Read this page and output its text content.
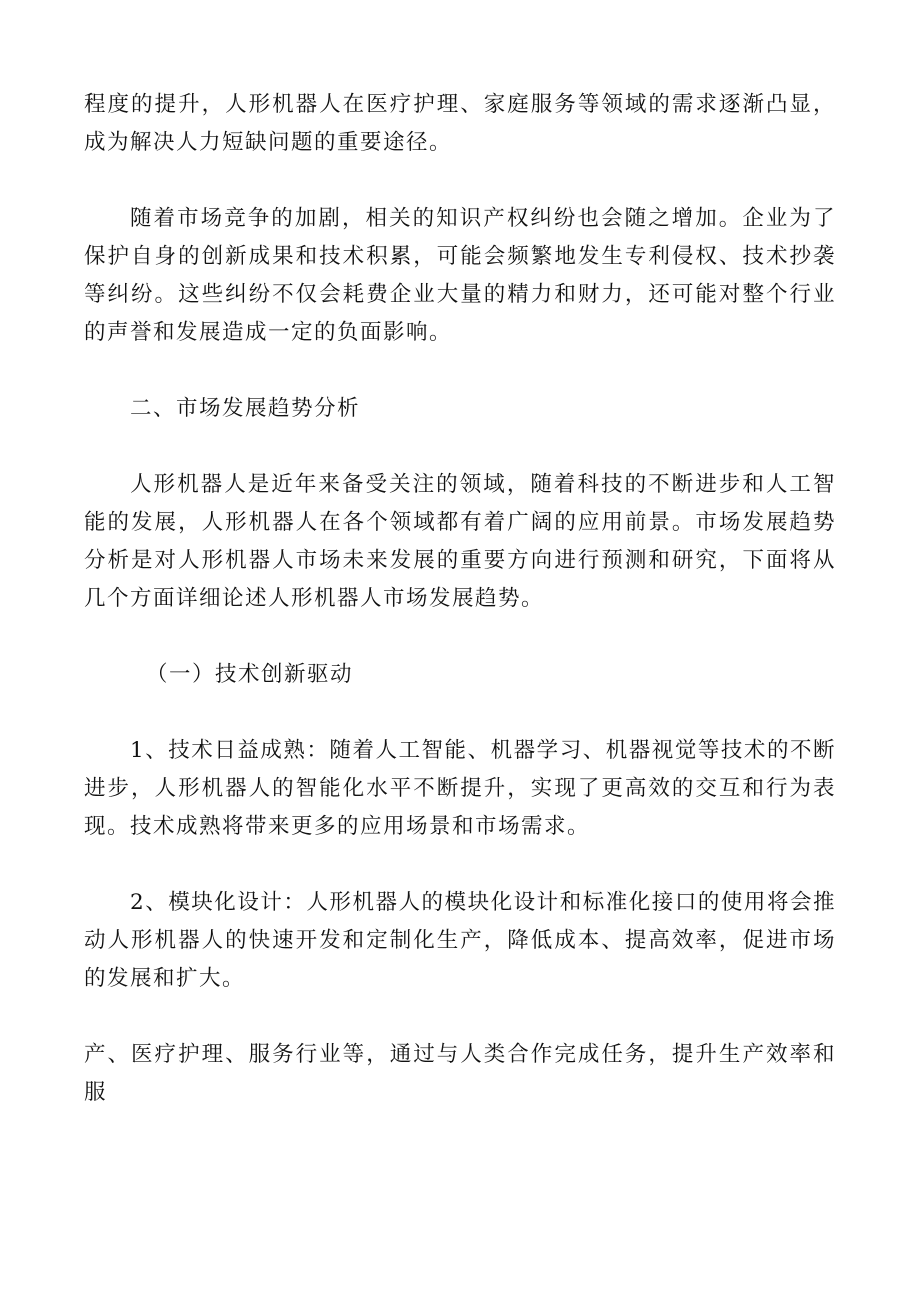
程度的提升，人形机器人在医疗护理、家庭服务等领域的需求逐渐凸显，成为解决人力短缺问题的重要途径。

随着市场竞争的加剧，相关的知识产权纠纷也会随之增加。企业为了保护自身的创新成果和技术积累，可能会频繁地发生专利侵权、技术抄袭等纠纷。这些纠纷不仅会耗费企业大量的精力和财力，还可能对整个行业的声誉和发展造成一定的负面影响。

二、市场发展趋势分析

人形机器人是近年来备受关注的领域，随着科技的不断进步和人工智能的发展，人形机器人在各个领域都有着广阔的应用前景。市场发展趋势分析是对人形机器人市场未来发展的重要方向进行预测和研究，下面将从几个方面详细论述人形机器人市场发展趋势。

（一）技术创新驱动

1、技术日益成熟：随着人工智能、机器学习、机器视觉等技术的不断进步，人形机器人的智能化水平不断提升，实现了更高效的交互和行为表现。技术成熟将带来更多的应用场景和市场需求。

2、模块化设计：人形机器人的模块化设计和标准化接口的使用将会推动人形机器人的快速开发和定制化生产，降低成本、提高效率，促进市场的发展和扩大。

产、医疗护理、服务行业等，通过与人类合作完成任务，提升生产效率和服
